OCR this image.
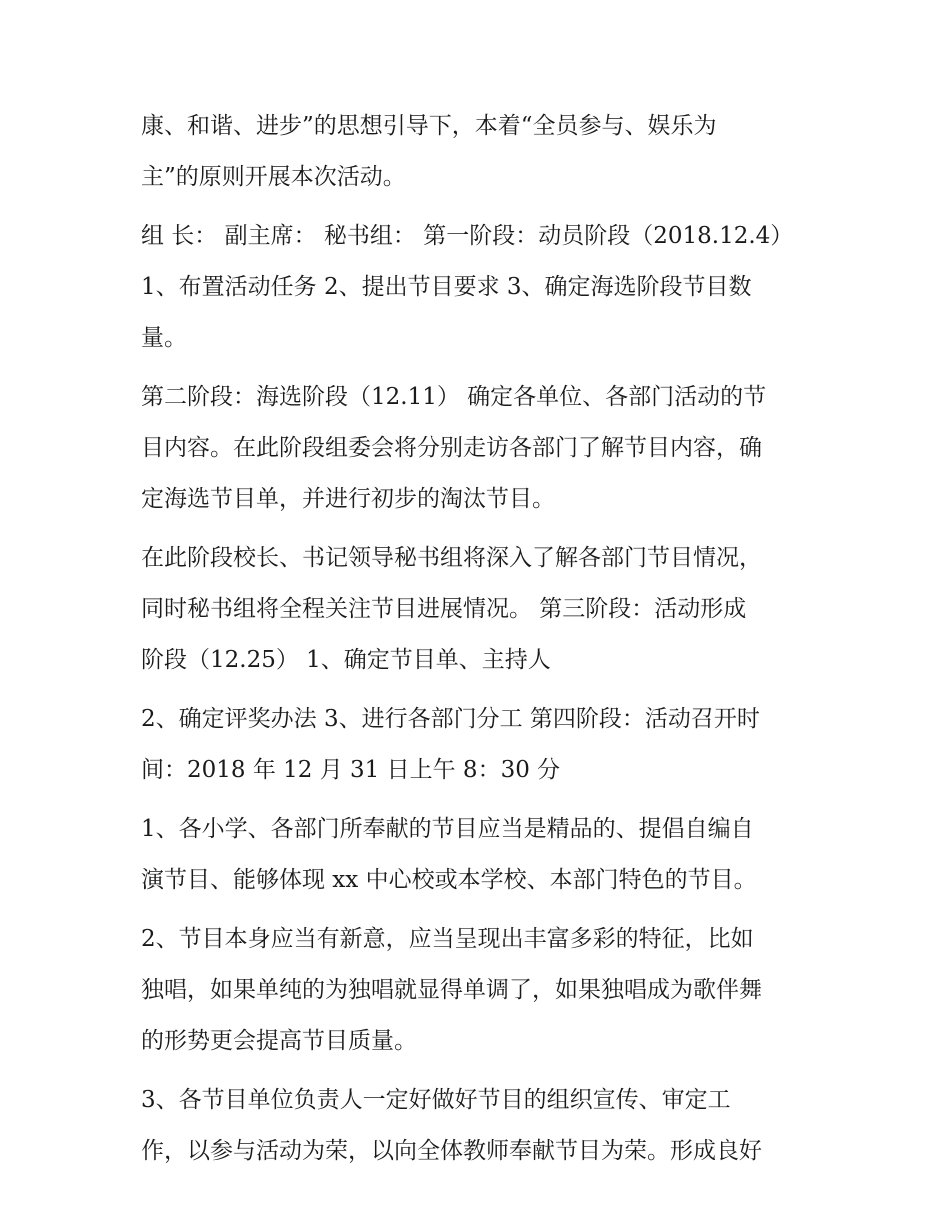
康、和谐、进步”的思想引导下，本着“全员参与、娱乐为
主”的原则开展本次活动。

组 长： 副主席： 秘书组： 第一阶段：动员阶段（2018.12.4）
1、布置活动任务 2、提出节目要求 3、确定海选阶段节目数
量。

第二阶段：海选阶段（12.11） 确定各单位、各部门活动的节
目内容。在此阶段组委会将分别走访各部门了解节目内容，确
定海选节目单，并进行初步的淘汰节目。

在此阶段校长、书记领导秘书组将深入了解各部门节目情况，
同时秘书组将全程关注节目进展情况。 第三阶段：活动形成
阶段（12.25） 1、确定节目单、主持人

2、确定评奖办法 3、进行各部门分工 第四阶段：活动召开时
间：2018 年 12 月 31 日上午 8：30 分

1、各小学、各部门所奉献的节目应当是精品的、提倡自编自
演节目、能够体现 xx 中心校或本学校、本部门特色的节目。

2、节目本身应当有新意，应当呈现出丰富多彩的特征，比如
独唱，如果单纯的为独唱就显得单调了，如果独唱成为歌伴舞
的形势更会提高节目质量。

3、各节目单位负责人一定好做好节目的组织宣传、审定工
作，以参与活动为荣，以向全体教师奉献节目为荣。形成良好
